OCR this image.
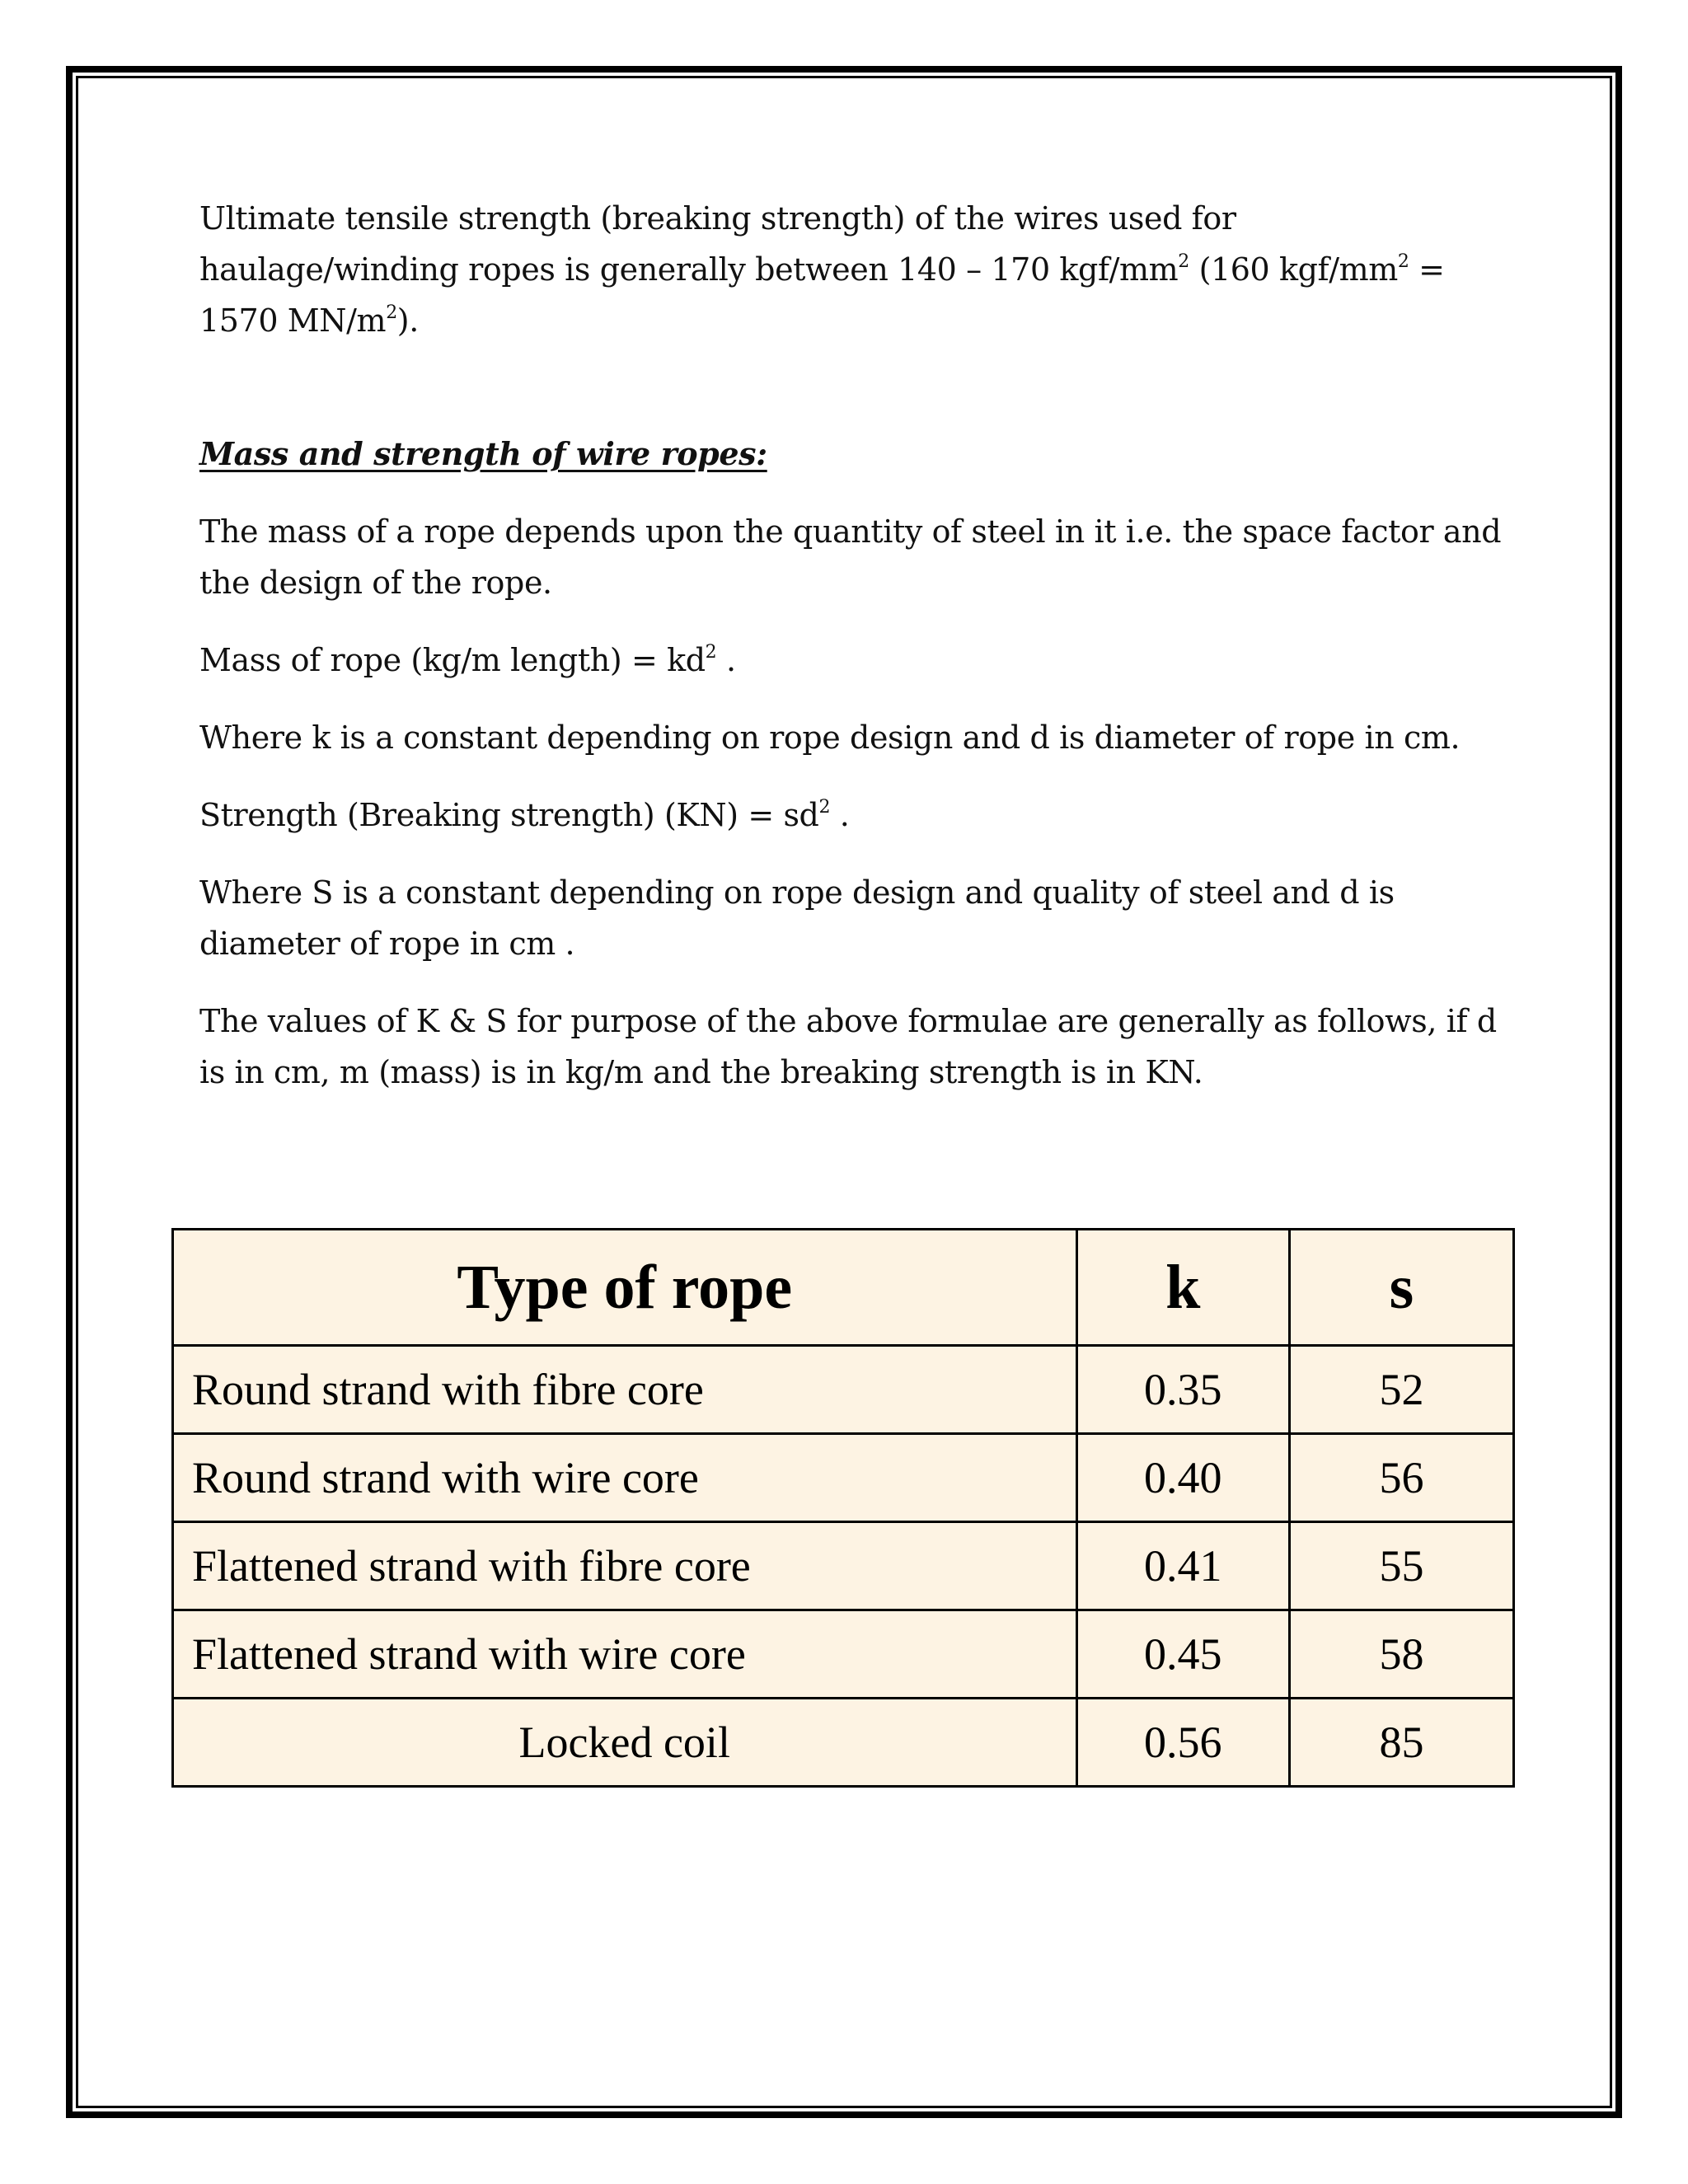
Ultimate tensile strength (breaking strength) of the wires used for haulage/winding ropes is generally between 140 – 170 kgf/$mm^2$ (160 kgf/$mm^2 = 1570$ $MN/m^2$).

Mass and strength of wire ropes:

The mass of a rope depends upon the quantity of steel in it i.e. the space factor and the design of the rope.

Mass of rope (kg/m length) = $kd^2$ .

Where k is a constant depending on rope design and d is diameter of rope in cm.

Strength (Breaking strength) $(KN) = sd^2$ .

Where S is a constant depending on rope design and quality of steel and d is diameter of rope in cm .

The values of K & S for purpose of the above formulae are generally as follows, if d is in cm, m (mass) is in kg/m and the breaking strength is in KN.

Type of rope	k	s
Round strand with fibre core	0.35	52
Round strand with wire core	0.40	56
Flattened strand with fibre core	0.41	55
Flattened strand with wire core	0.45	58
Locked coil	0.56	85
